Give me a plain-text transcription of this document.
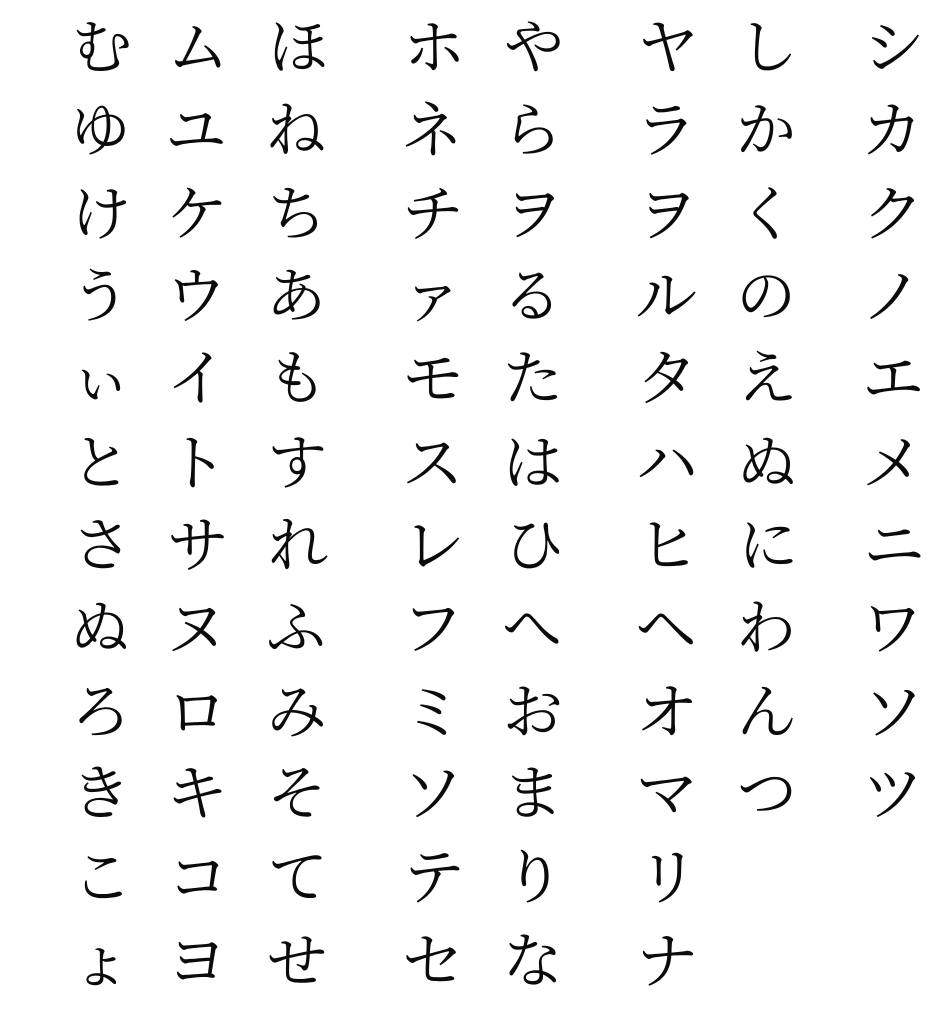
シ
カ
ク
ノ
エ
メ
ニ
ワ
ソ
ツ
し
か
く
の
え
ぬ
に
わ
ん
つ
ヤ
ラ
ヲ
ル
タ
ハ
ヒ
ヘ
オ
マ
リ
ナ
や
ら
ヲ
る
た
は
ひ
へ
お
ま
り
な
ホ
ネ
チ
ァ
モ
ス
レ
フ
ミ
ソ
テ
セ
ほ
ね
ち
あ
も
す
れ
ふ
み
そ
て
せ
ム
ユ
ケ
ウ
イ
ト
サ
ヌ
ロ
キ
コ
ヨ
む
ゆ
け
う
ぃ
と
さ
ぬ
ろ
き
こ
ょ
